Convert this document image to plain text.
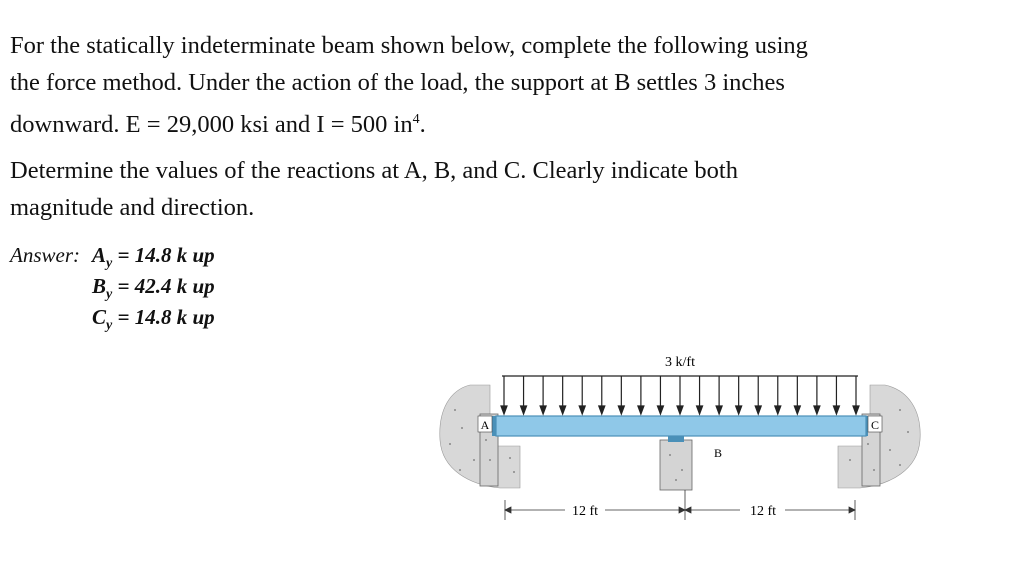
For the statically indeterminate beam shown below, complete the following using
the force method. Under the action of the load, the support at B settles 3 inches
downward. E = 29,000 ksi and I = 500 $in^4$.
Determine the values of the reactions at A, B, and C. Clearly indicate both
magnitude and direction.
Answer: $A_y = 14.8$ k up
$B_y = 42.4$ k up
$C_y = 14.8$ k up
3 k/ft
A	C
B
12 ft	12 ft
